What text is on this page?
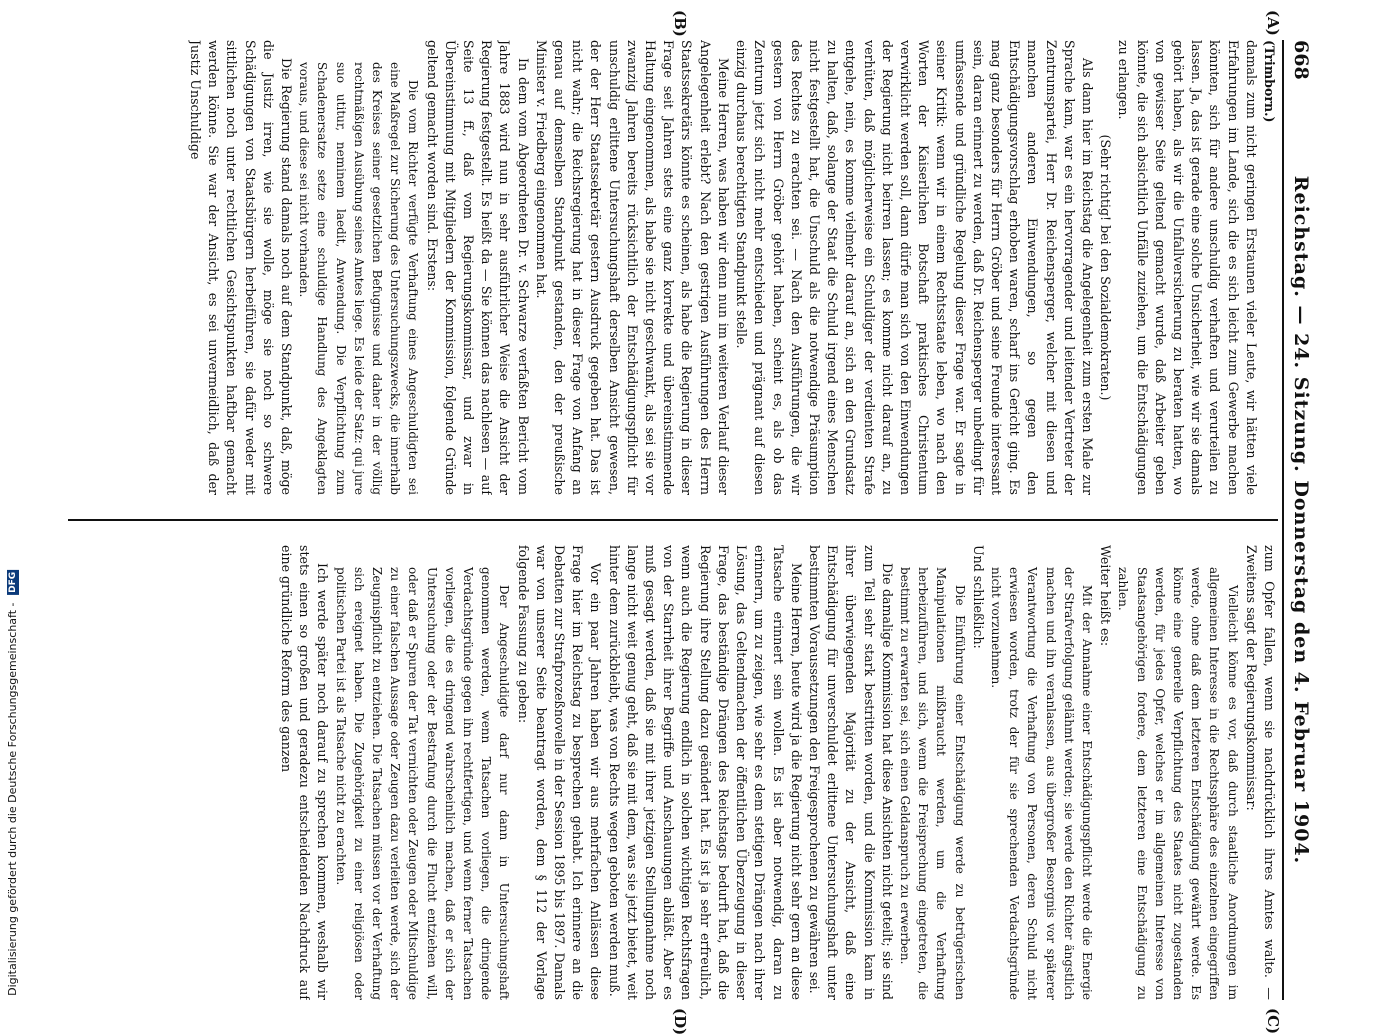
668
Reichstag. — 24. Sitzung. Donnerstag den 4. Februar 1904.
(A)
(B)
(C)
(D)

(Trimborn.)

damals zum nicht geringen Erstaunen vieler Leute, wir hätten viele Erfahrungen im Lande, sich die es sich leicht zum Gewerbe machen könnten, sich für andere unschuldig verhaften und verurteilen zu lassen. Ja, das ist gerade eine solche Unsicherheit, wie wir sie damals gehört haben, als wir die Unfallversicherung zu beraten hatten, wo von gewisser Seite geltend gemacht wurde, daß Arbeiter geben könnte, die sich absichtlich Unfälle zuziehen, um die Entschädigungen zu erlangen.

(Sehr richtig! bei den Sozialdemokraten.)

Als dann hier im Reichstag die Angelegenheit zum ersten Male zur Sprache kam, war es ein hervorragender und leitender Vertreter der Zentrumspartei, Herr Dr. Reichensperger, welcher mit diesen und manchen anderen Einwendungen, so gegen den Entschädigungsvorschlag erhoben waren, scharf ins Gericht ging. Es mag ganz besonders für Herrn Gröber und seine Freunde interessant sein, daran erinnert zu werden, daß Dr. Reichensperger unbedingt für umfassende und gründliche Regelung dieser Frage war. Er sagte in seiner Kritik: wenn wir in einem Rechtsstaate leben, wo nach den Worten der Kaiserlichen Botschaft praktisches Christentum verwirklicht werden soll, dann dürfe man sich von den Einwendungen der Regierung nicht beirren lassen; es komme nicht darauf an, zu verhüten, daß möglicherweise ein Schuldiger der verdienten Strafe entgehe, nein, es komme vielmehr darauf an, sich an den Grundsatz zu halten, daß, solange der Staat die Schuld irgend eines Menschen nicht festgestellt hat, die Unschuld als die notwendige Präsumption des Rechtes zu erachten sei. — Nach den Ausführungen, die wir gestern von Herrn Gröber gehört haben, scheint es, als ob das Zentrum jetzt sich nicht mehr entschieden und prägnant auf diesen einzig durchaus berechtigten Standpunkt stelle.

Meine Herren, was haben wir denn nun im weiteren Verlauf dieser Angelegenheit erlebt? Nach den gestrigen Ausführungen des Herrn Staatssekretärs könnte es scheinen, als habe die Regierung in dieser Frage seit Jahren stets eine ganz korrekte und übereinstimmende Haltung eingenommen, als habe sie nicht geschwankt, als sei sie vor zwanzig Jahren bereits rücksichtlich der Entschädigungspflicht für unschuldig erlittene Untersuchungshaft derselben Ansicht gewesen, der der Herr Staatssekretär gestern Ausdruck gegeben hat. Das ist nicht wahr; die Reichsregierung hat in dieser Frage von Anfang an genau auf demselben Standpunkt gestanden, den der preußische Minister v. Friedberg eingenommen hat.

In dem vom Abgeordneten Dr. v. Schwarze verfaßten Bericht vom Jahre 1883 wird nun in sehr ausführlicher Weise die Ansicht der Regierung festgestellt. Es heißt da — Sie können das nachlesen — auf Seite 13 ff., daß vom Regierungskommissar, und zwar in Übereinstimmung mit Mitgliedern der Kommission, folgende Gründe geltend gemacht worden sind. Erstens:

Die vom Richter verfügte Verhaftung eines Angeschuldigten sei eine Maßregel zur Sicherung des Untersuchungszwecks, die innerhalb des Kreises seiner gesetzlichen Befugnisse und daher in der völlig rechtmäßigen Ausübung seines Amtes liege. Es leide der Satz: qui jure suo utitur, neminem laedit, Anwendung. Die Verpflichtung zum Schadenersatze setze eine schuldige Handlung des Angeklagten voraus, und diese sei nicht vorhanden.

Die Regierung stand damals noch auf dem Standpunkt, daß, möge die Justiz irren, wie sie wolle, möge sie noch so schwere Schädigungen von Staatsbürgern herbeiführen, sie dafür weder mit sittlichen noch unter rechtlichen Gesichtspunkten haftbar gemacht werden könne. Sie war der Ansicht, es sei unvermeidlich, daß der Justiz Unschuldige

zum Opfer fallen, wenn sie nachdrücklich ihres Amtes walte. — Zweitens sagt der Regierungskommissar:

Vielleicht könne es vor, daß durch staatliche Anordnungen im allgemeinen Interesse in die Rechtssphäre des einzelnen eingegriffen werde, ohne daß dem letzteren Entschädigung gewährt werde. Es könne eine generelle Verpflichtung des Staates nicht zugestanden werden, für jedes Opfer, welches er im allgemeinen Interesse von Staatsangehörigen fordere, dem letzteren eine Entschädigung zu zahlen.

Weiter heißt es:

Mit der Annahme einer Entschädigungspflicht werde die Energie der Strafverfolgung gelähmt werden; sie werde den Richter ängstlich machen und ihn veranlassen, aus übergroßer Besorgnis vor späterer Verantwortung die Verhaftung von Personen, deren Schuld nicht erwiesen worden, trotz der für sie sprechenden Verdachtsgründe nicht vorzunehmen.

Und schließlich:

Die Einführung einer Entschädigung werde zu betrügerischen Manipulationen mißbraucht werden, um die Verhaftung herbeizuführen, und sich, wenn die Freisprechung eingetreten, die bestimmt zu erwarten sei, sich einen Geldanspruch zu erwerben.

Die damalige Kommission hat diese Ansichten nicht geteilt; sie sind zum Teil sehr stark bestritten worden, und die Kommission kam in ihrer überwiegenden Majorität zu der Ansicht, daß eine Entschädigung für unverschuldet erlittene Untersuchungshaft unter bestimmten Voraussetzungen den Freigesprochenen zu gewähren sei.

Meine Herren, heute wird ja die Regierung nicht sehr gern an diese Tatsache erinnert sein wollen. Es ist aber notwendig, daran zu erinnern, um zu zeigen, wie sehr es dem stetigen Drängen nach ihrer Lösung, das Geltendmachen der öffentlichen Überzeugung in dieser Frage, das beständige Drängen des Reichstags bedurft hat, daß die Regierung ihre Stellung dazu geändert hat. Es ist ja sehr erfreulich, wenn auch die Regierung endlich in solchen wichtigen Rechtsfragen von der Starrheit ihrer Begriffe und Anschauungen abläßt. Aber es muß gesagt werden, daß sie mit ihrer jetzigen Stellungnahme noch lange nicht weit genug geht, daß sie mit dem, was sie jetzt bietet, weit hinter dem zurückbleibt, was von Rechts wegen geboten werden muß.

Vor ein paar Jahren haben wir aus mehrfachen Anlässen diese Frage hier im Reichstag zu besprechen gehabt. Ich erinnere an die Debatten zur Strafprozeßnovelle in der Session 1895 bis 1897. Damals war von unserer Seite beantragt worden, dem § 112 der Vorlage folgende Fassung zu geben:

Der Angeschuldigte darf nur dann in Untersuchungshaft genommen werden, wenn Tatsachen vorliegen, die dringende Verdachtsgründe gegen ihn rechtfertigen, und wenn ferner Tatsachen vorliegen, die es dringend wahrscheinlich machen, daß er sich der Untersuchung oder der Bestrafung durch die Flucht entziehen will, oder daß er Spuren der Tat vernichten oder Zeugen oder Mitschuldige zu einer falschen Aussage oder Zeugen dazu verleiten werde, sich der Zeugnispflicht zu entziehen. Die Tatsachen müssen vor der Verhaftung sich ereignet haben. Die Zugehörigkeit zu einer religiösen oder politischen Partei ist als Tatsache nicht zu erachten.

Ich werde später noch darauf zu sprechen kommen, weshalb wir stets einen so großen und geradezu entscheidenden Nachdruck auf eine gründliche Reform des ganzen

Digitalisierung gefördert durch die Deutsche Forschungsgemeinschaft - DFG
